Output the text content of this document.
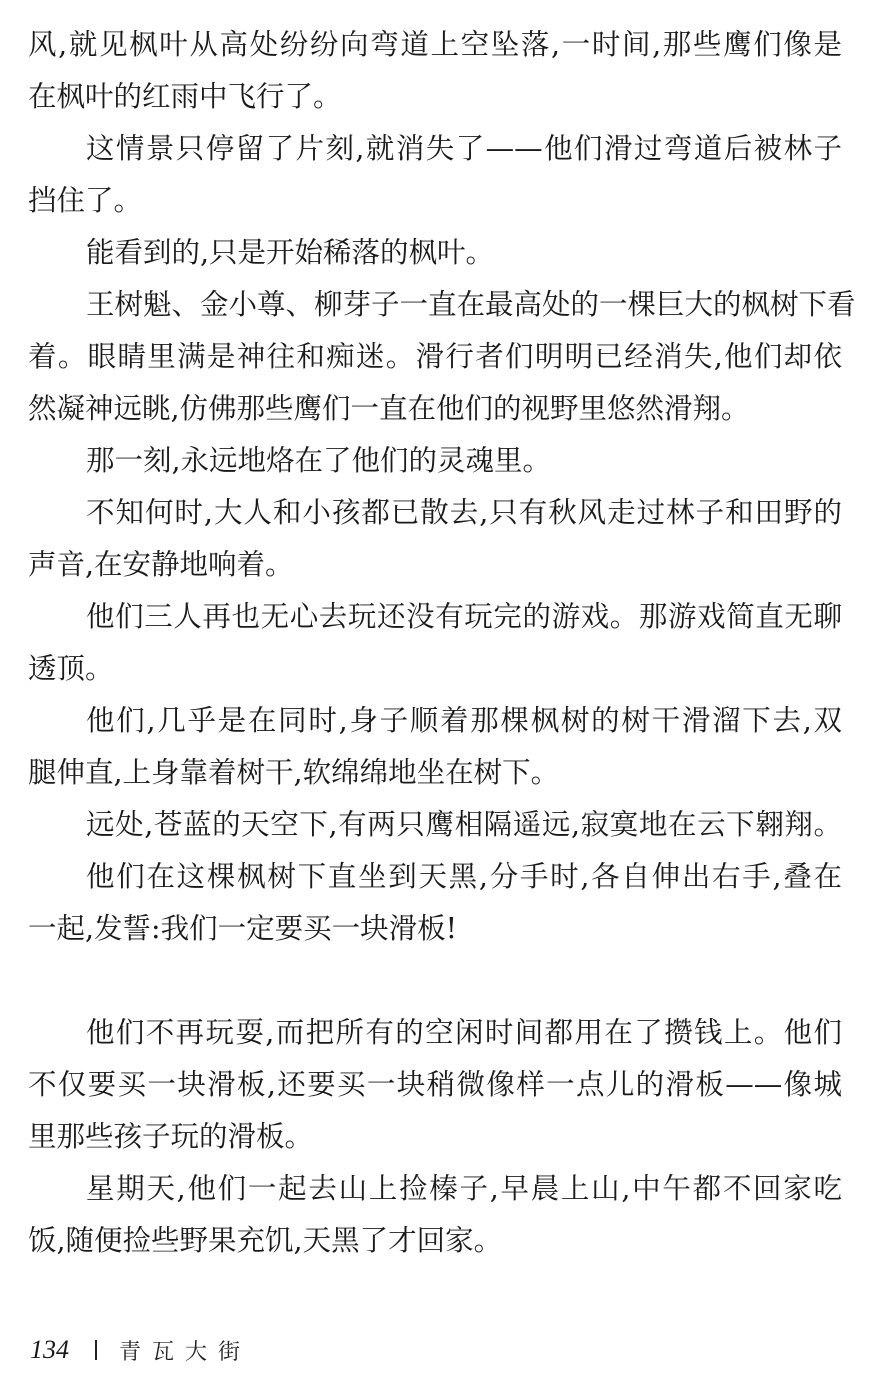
风,就见枫叶从高处纷纷向弯道上空坠落,一时间,那些鹰们像是
在枫叶的红雨中飞行了。
这情景只停留了片刻,就消失了——他们滑过弯道后被林子
挡住了。
能看到的,只是开始稀落的枫叶。
王树魁、金小尊、柳芽子一直在最高处的一棵巨大的枫树下看
着。眼睛里满是神往和痴迷。滑行者们明明已经消失,他们却依
然凝神远眺,仿佛那些鹰们一直在他们的视野里悠然滑翔。
那一刻,永远地烙在了他们的灵魂里。
不知何时,大人和小孩都已散去,只有秋风走过林子和田野的
声音,在安静地响着。
他们三人再也无心去玩还没有玩完的游戏。那游戏简直无聊
透顶。
他们,几乎是在同时,身子顺着那棵枫树的树干滑溜下去,双
腿伸直,上身靠着树干,软绵绵地坐在树下。
远处,苍蓝的天空下,有两只鹰相隔遥远,寂寞地在云下翱翔。
他们在这棵枫树下直坐到天黑,分手时,各自伸出右手,叠在
一起,发誓:我们一定要买一块滑板!
他们不再玩耍,而把所有的空闲时间都用在了攒钱上。他们
不仅要买一块滑板,还要买一块稍微像样一点儿的滑板——像城
里那些孩子玩的滑板。
星期天,他们一起去山上捡榛子,早晨上山,中午都不回家吃
饭,随便捡些野果充饥,天黑了才回家。
134 青瓦大街
